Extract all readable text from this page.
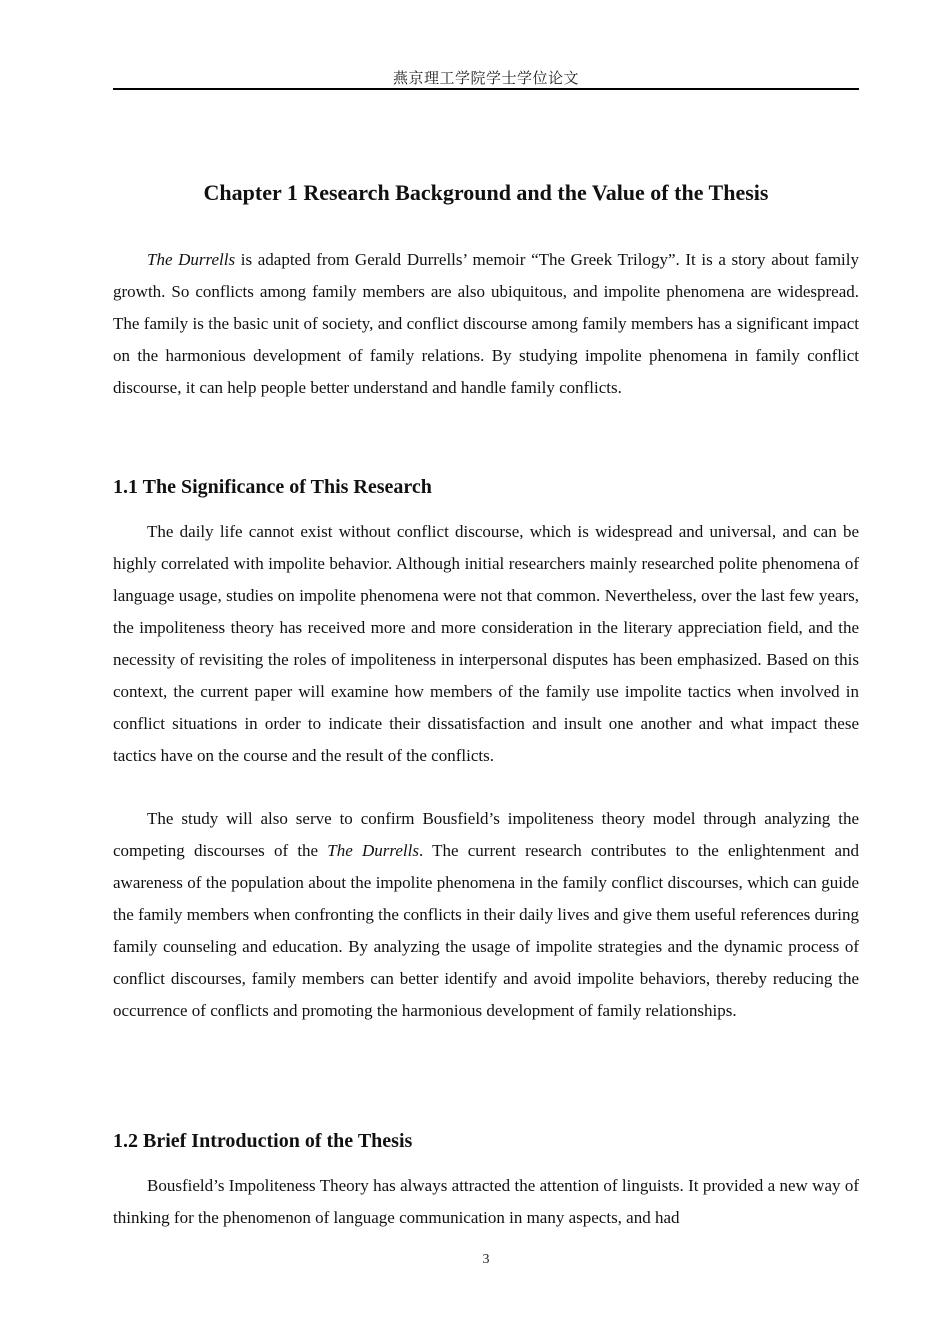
燕京理工学院学士学位论文
Chapter 1 Research Background and the Value of the Thesis

The Durrells is adapted from Gerald Durrells’ memoir “The Greek Trilogy”. It is a story about family growth. So conflicts among family members are also ubiquitous, and impolite phenomena are widespread. The family is the basic unit of society, and conflict discourse among family members has a significant impact on the harmonious development of family relations. By studying impolite phenomena in family conflict discourse, it can help people better understand and handle family conflicts.

1.1 The Significance of This Research

The daily life cannot exist without conflict discourse, which is widespread and universal, and can be highly correlated with impolite behavior. Although initial researchers mainly researched polite phenomena of language usage, studies on impolite phenomena were not that common. Nevertheless, over the last few years, the impoliteness theory has received more and more consideration in the literary appreciation field, and the necessity of revisiting the roles of impoliteness in interpersonal disputes has been emphasized. Based on this context, the current paper will examine how members of the family use impolite tactics when involved in conflict situations in order to indicate their dissatisfaction and insult one another and what impact these tactics have on the course and the result of the conflicts.

The study will also serve to confirm Bousfield’s impoliteness theory model through analyzing the competing discourses of the The Durrells. The current research contributes to the enlightenment and awareness of the population about the impolite phenomena in the family conflict discourses, which can guide the family members when confronting the conflicts in their daily lives and give them useful references during family counseling and education. By analyzing the usage of impolite strategies and the dynamic process of conflict discourses, family members can better identify and avoid impolite behaviors, thereby reducing the occurrence of conflicts and promoting the harmonious development of family relationships.

1.2 Brief Introduction of the Thesis

Bousfield’s Impoliteness Theory has always attracted the attention of linguists. It provided a new way of thinking for the phenomenon of language communication in many aspects, and had

3
